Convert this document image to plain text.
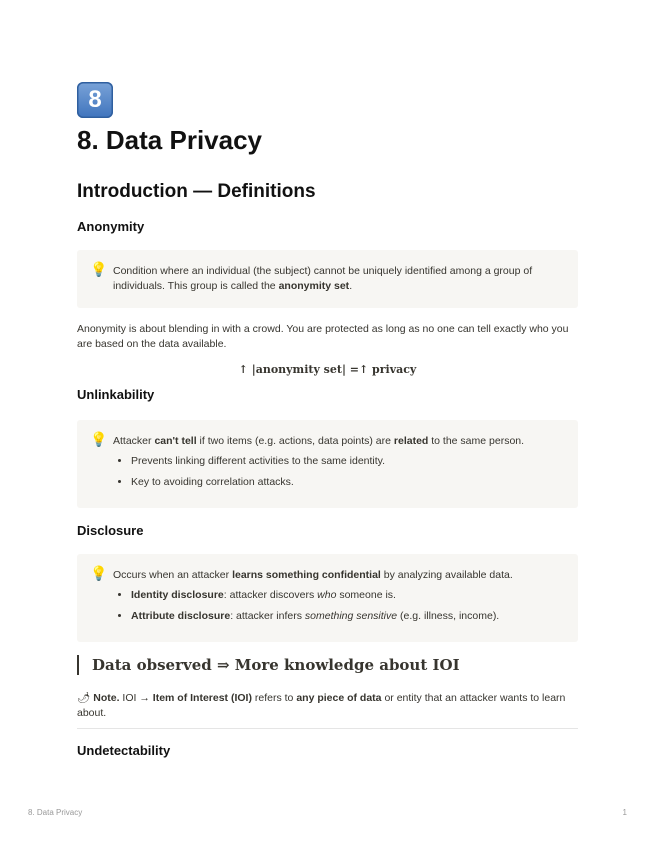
8
8. Data Privacy
Introduction — Definitions
Anonymity
💡 Condition where an individual (the subject) cannot be uniquely identified among a group of individuals. This group is called the anonymity set.

Anonymity is about blending in with a crowd. You are protected as long as no one can tell exactly who you are based on the data available.

↑ |anonymity set| =↑ privacy
Unlinkability
💡 Attacker can't tell if two items (e.g. actions, data points) are related to the same person.
• Prevents linking different activities to the same identity.
• Key to avoiding correlation attacks.
Disclosure
💡 Occurs when an attacker learns something confidential by analyzing available data.
• Identity disclosure: attacker discovers who someone is.
• Attribute disclosure: attacker infers something sensitive (e.g. illness, income).
Data observed ⇒ More knowledge about IOI
🌶 Note. IOI → Item of Interest (IOI) refers to any piece of data or entity that an attacker wants to learn about.
Undetectability
8. Data Privacy	1
